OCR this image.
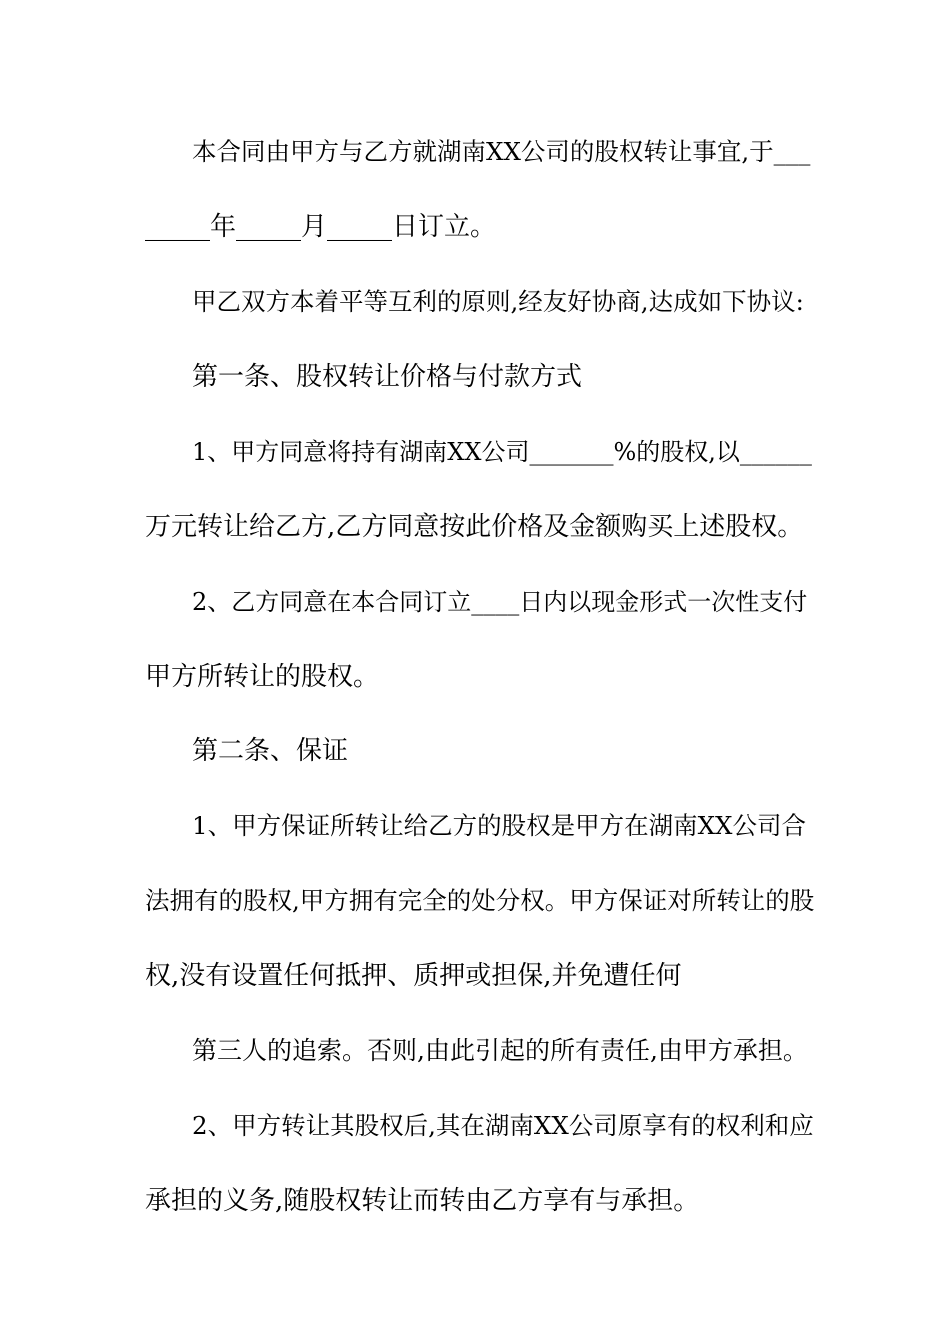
本合同由甲方与乙方就湖南XX公司的股权转让事宜,于___
_____年_____月_____日订立。
甲乙双方本着平等互利的原则,经友好协商,达成如下协议:
第一条、股权转让价格与付款方式
1、甲方同意将持有湖南XX公司_______%的股权,以______
万元转让给乙方,乙方同意按此价格及金额购买上述股权。
2、乙方同意在本合同订立____日内以现金形式一次性支付
甲方所转让的股权。
第二条、保证
1、甲方保证所转让给乙方的股权是甲方在湖南XX公司合
法拥有的股权,甲方拥有完全的处分权。甲方保证对所转让的股
权,没有设置任何抵押、质押或担保,并免遭任何
第三人的追索。否则,由此引起的所有责任,由甲方承担。
2、甲方转让其股权后,其在湖南XX公司原享有的权利和应
承担的义务,随股权转让而转由乙方享有与承担。
